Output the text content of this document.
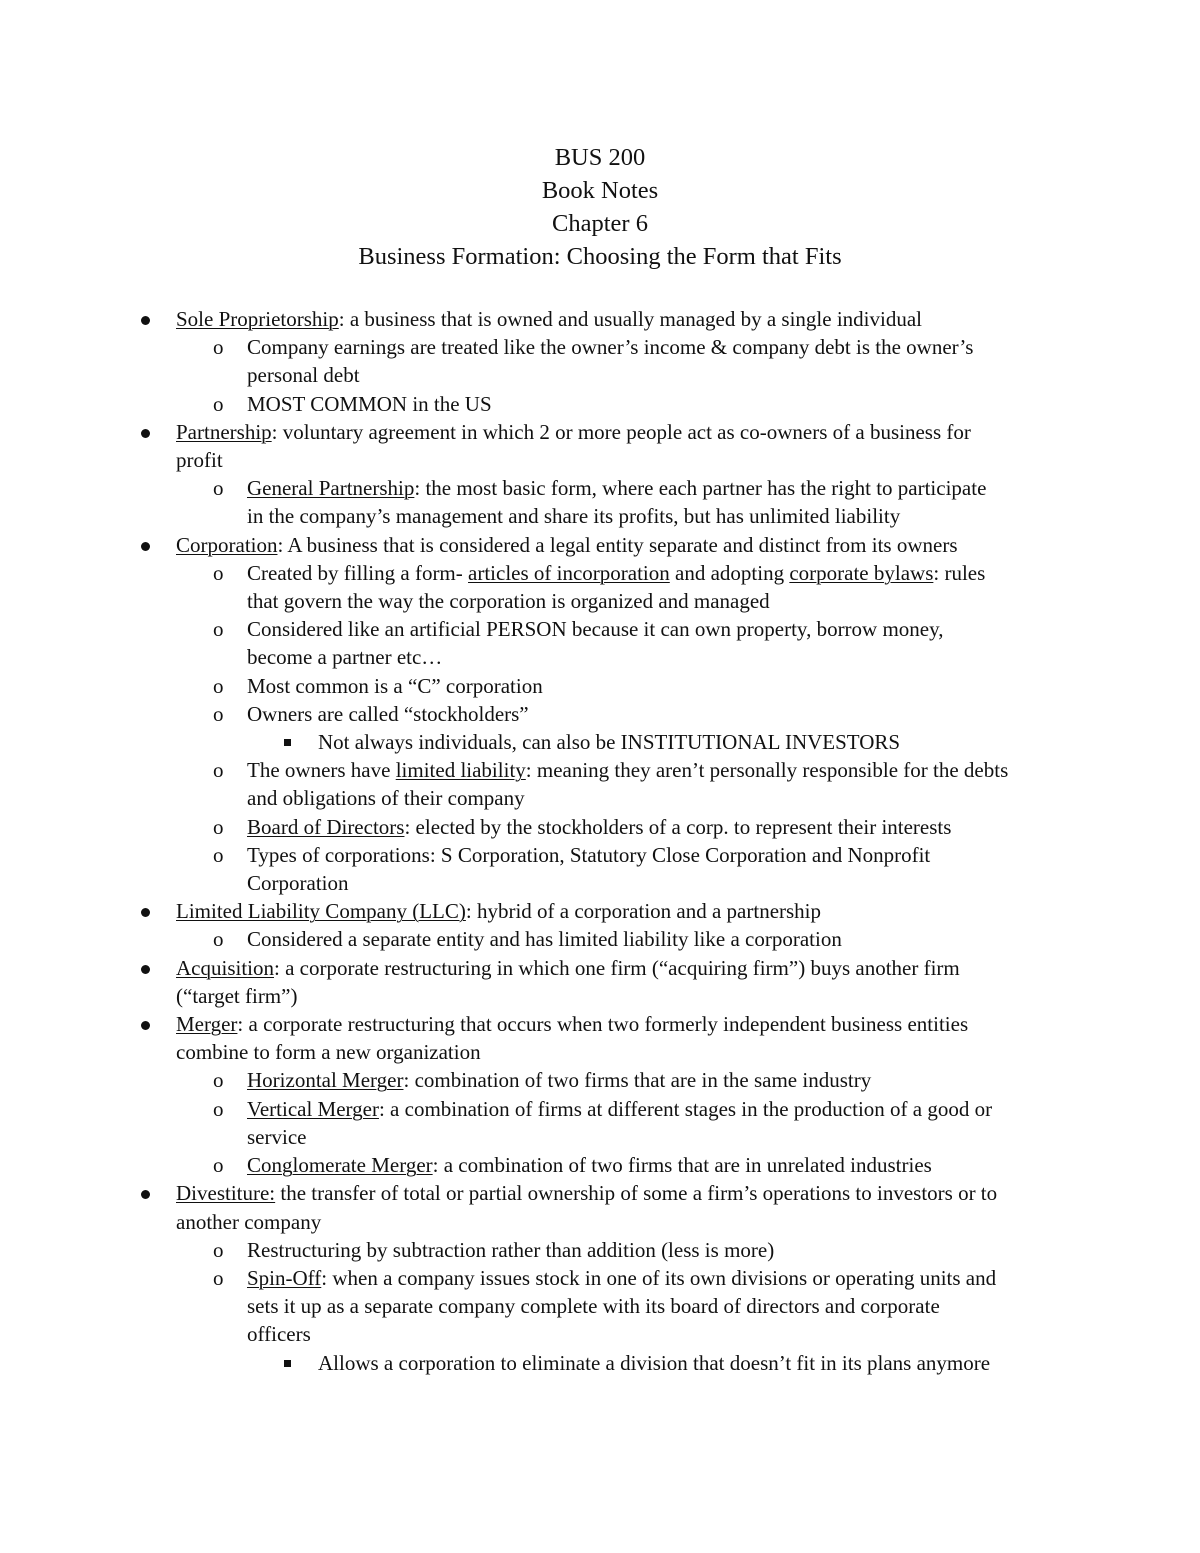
BUS 200
Book Notes
Chapter 6
Business Formation: Choosing the Form that Fits
Sole Proprietorship: a business that is owned and usually managed by a single individual
o Company earnings are treated like the owner’s income & company debt is the owner’s
personal debt
o MOST COMMON in the US
Partnership: voluntary agreement in which 2 or more people act as co-owners of a business for
profit
o General Partnership: the most basic form, where each partner has the right to participate
in the company’s management and share its profits, but has unlimited liability
Corporation: A business that is considered a legal entity separate and distinct from its owners
o Created by filling a form- articles of incorporation and adopting corporate bylaws: rules
that govern the way the corporation is organized and managed
o Considered like an artificial PERSON because it can own property, borrow money,
become a partner etc…
o Most common is a “C” corporation
o Owners are called “stockholders”
Not always individuals, can also be INSTITUTIONAL INVESTORS
o The owners have limited liability: meaning they aren’t personally responsible for the debts
and obligations of their company
o Board of Directors: elected by the stockholders of a corp. to represent their interests
o Types of corporations: S Corporation, Statutory Close Corporation and Nonprofit
Corporation
Limited Liability Company (LLC): hybrid of a corporation and a partnership
o Considered a separate entity and has limited liability like a corporation
Acquisition: a corporate restructuring in which one firm (“acquiring firm”) buys another firm
(“target firm”)
Merger: a corporate restructuring that occurs when two formerly independent business entities
combine to form a new organization
o Horizontal Merger: combination of two firms that are in the same industry
o Vertical Merger: a combination of firms at different stages in the production of a good or
service
o Conglomerate Merger: a combination of two firms that are in unrelated industries
Divestiture: the transfer of total or partial ownership of some a firm’s operations to investors or to
another company
o Restructuring by subtraction rather than addition (less is more)
o Spin-Off: when a company issues stock in one of its own divisions or operating units and
sets it up as a separate company complete with its board of directors and corporate
officers
Allows a corporation to eliminate a division that doesn’t fit in its plans anymore
